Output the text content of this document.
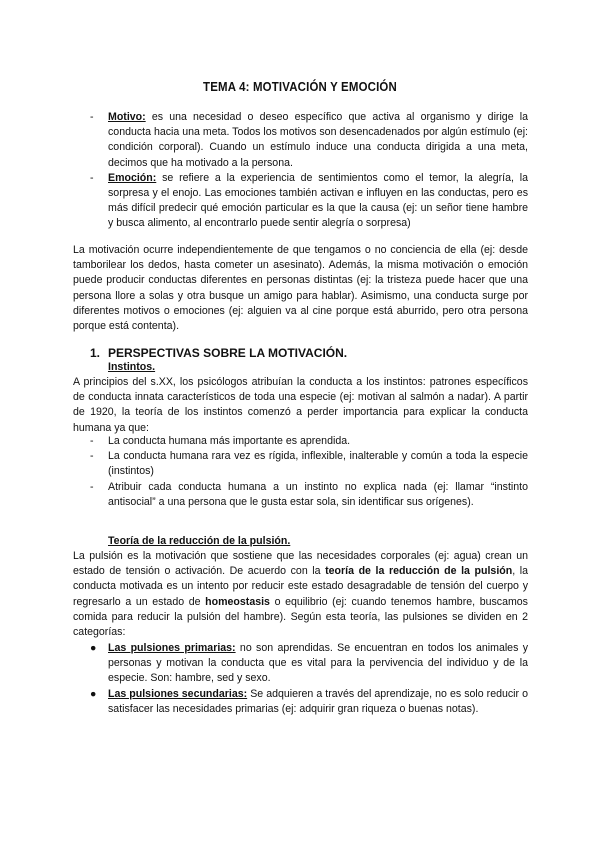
TEMA 4: MOTIVACIÓN Y EMOCIÓN

- Motivo: es una necesidad o deseo específico que activa al organismo y dirige la conducta hacia una meta. Todos los motivos son desencadenados por algún estímulo (ej: condición corporal). Cuando un estímulo induce una conducta dirigida a una meta, decimos que ha motivado a la persona.

- Emoción: se refiere a la experiencia de sentimientos como el temor, la alegría, la sorpresa y el enojo. Las emociones también activan e influyen en las conductas, pero es más difícil predecir qué emoción particular es la que la causa (ej: un señor tiene hambre y busca alimento, al encontrarlo puede sentir alegría o sorpresa)

La motivación ocurre independientemente de que tengamos o no conciencia de ella (ej: desde tamborilear los dedos, hasta cometer un asesinato). Además, la misma motivación o emoción puede producir conductas diferentes en personas distintas (ej: la tristeza puede hacer que una persona llore a solas y otra busque un amigo para hablar). Asimismo, una conducta surge por diferentes motivos o emociones (ej: alguien va al cine porque está aburrido, pero otra persona porque está contenta).

1. PERSPECTIVAS SOBRE LA MOTIVACIÓN.
Instintos.

A principios del s.XX, los psicólogos atribuían la conducta a los instintos: patrones específicos de conducta innata característicos de toda una especie (ej: motivan al salmón a nadar). A partir de 1920, la teoría de los instintos comenzó a perder importancia para explicar la conducta humana ya que:

- La conducta humana más importante es aprendida.

- La conducta humana rara vez es rígida, inflexible, inalterable y común a toda la especie (instintos)

- Atribuir cada conducta humana a un instinto no explica nada (ej: llamar “instinto antisocial” a una persona que le gusta estar sola, sin identificar sus orígenes).

Teoría de la reducción de la pulsión.

La pulsión es la motivación que sostiene que las necesidades corporales (ej: agua) crean un estado de tensión o activación. De acuerdo con la teoría de la reducción de la pulsión, la conducta motivada es un intento por reducir este estado desagradable de tensión del cuerpo y regresarlo a un estado de homeostasis o equilibrio (ej: cuando tenemos hambre, buscamos comida para reducir la pulsión del hambre). Según esta teoría, las pulsiones se dividen en 2 categorías:

● Las pulsiones primarias: no son aprendidas. Se encuentran en todos los animales y personas y motivan la conducta que es vital para la pervivencia del individuo y de la especie. Son: hambre, sed y sexo.

● Las pulsiones secundarias: Se adquieren a través del aprendizaje, no es solo reducir o satisfacer las necesidades primarias (ej: adquirir gran riqueza o buenas notas).
